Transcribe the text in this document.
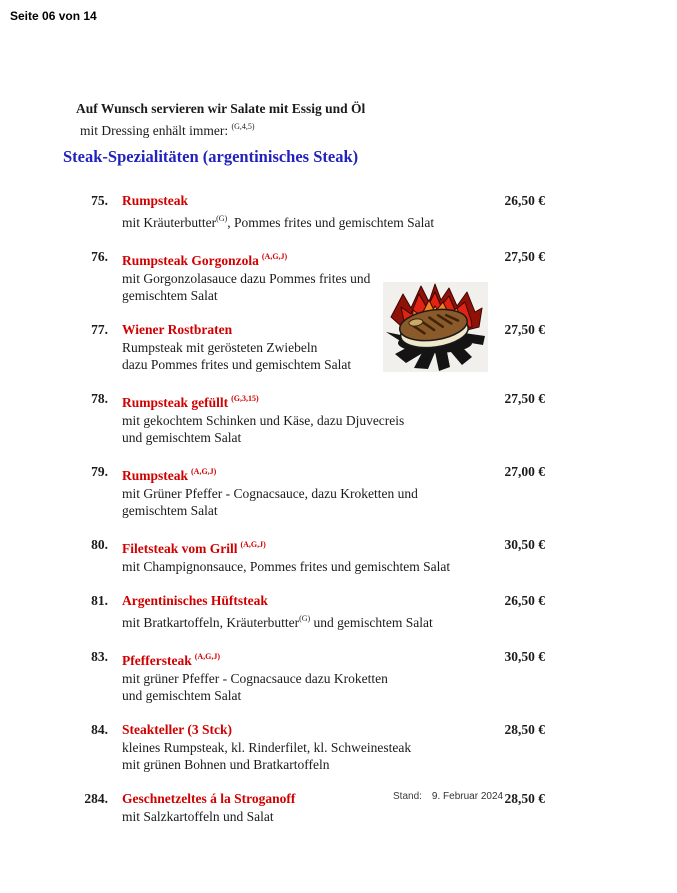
Seite 06 von 14
Auf Wunsch servieren wir Salate mit Essig und Öl
mit Dressing enhält immer: $^{(G,4,5)}$
Steak-Spezialitäten (argentinisches Steak)
75. Rumpsteak
mit Kräuterbutter$^{(G)}$, Pommes frites und gemischtem Salat
26,50 €
76. Rumpsteak Gorgonzola $^{(A,G,J)}$
mit Gorgonzolasauce dazu Pommes frites und
gemischtem Salat
27,50 €
77. Wiener Rostbraten
Rumpsteak mit gerösteten Zwiebeln
dazu Pommes frites und gemischtem Salat
27,50 €
78. Rumpsteak gefüllt $^{(G,3,15)}$
mit gekochtem Schinken und Käse, dazu Djuvecreis
und gemischtem Salat
27,50 €
79. Rumpsteak $^{(A,G,J)}$
mit Grüner Pfeffer - Cognacsauce, dazu Kroketten und
gemischtem Salat
27,00 €
80. Filetsteak vom Grill $^{(A,G,J)}$
mit Champignonsauce, Pommes frites und gemischtem Salat
30,50 €
81. Argentinisches Hüftsteak
mit Bratkartoffeln, Kräuterbutter$^{(G)}$ und gemischtem Salat
26,50 €
83. Pfeffersteak $^{(A,G,J)}$
mit grüner Pfeffer - Cognacsauce dazu Kroketten
und gemischtem Salat
30,50 €
84. Steakteller (3 Stck)
kleines Rumpsteak, kl. Rinderfilet, kl. Schweinesteak
mit grünen Bohnen und Bratkartoffeln
28,50 €
284. Geschnetzeltes á la Stroganoff
mit Salzkartoffeln und Salat
28,50 €
Stand: 9. Februar 2024
